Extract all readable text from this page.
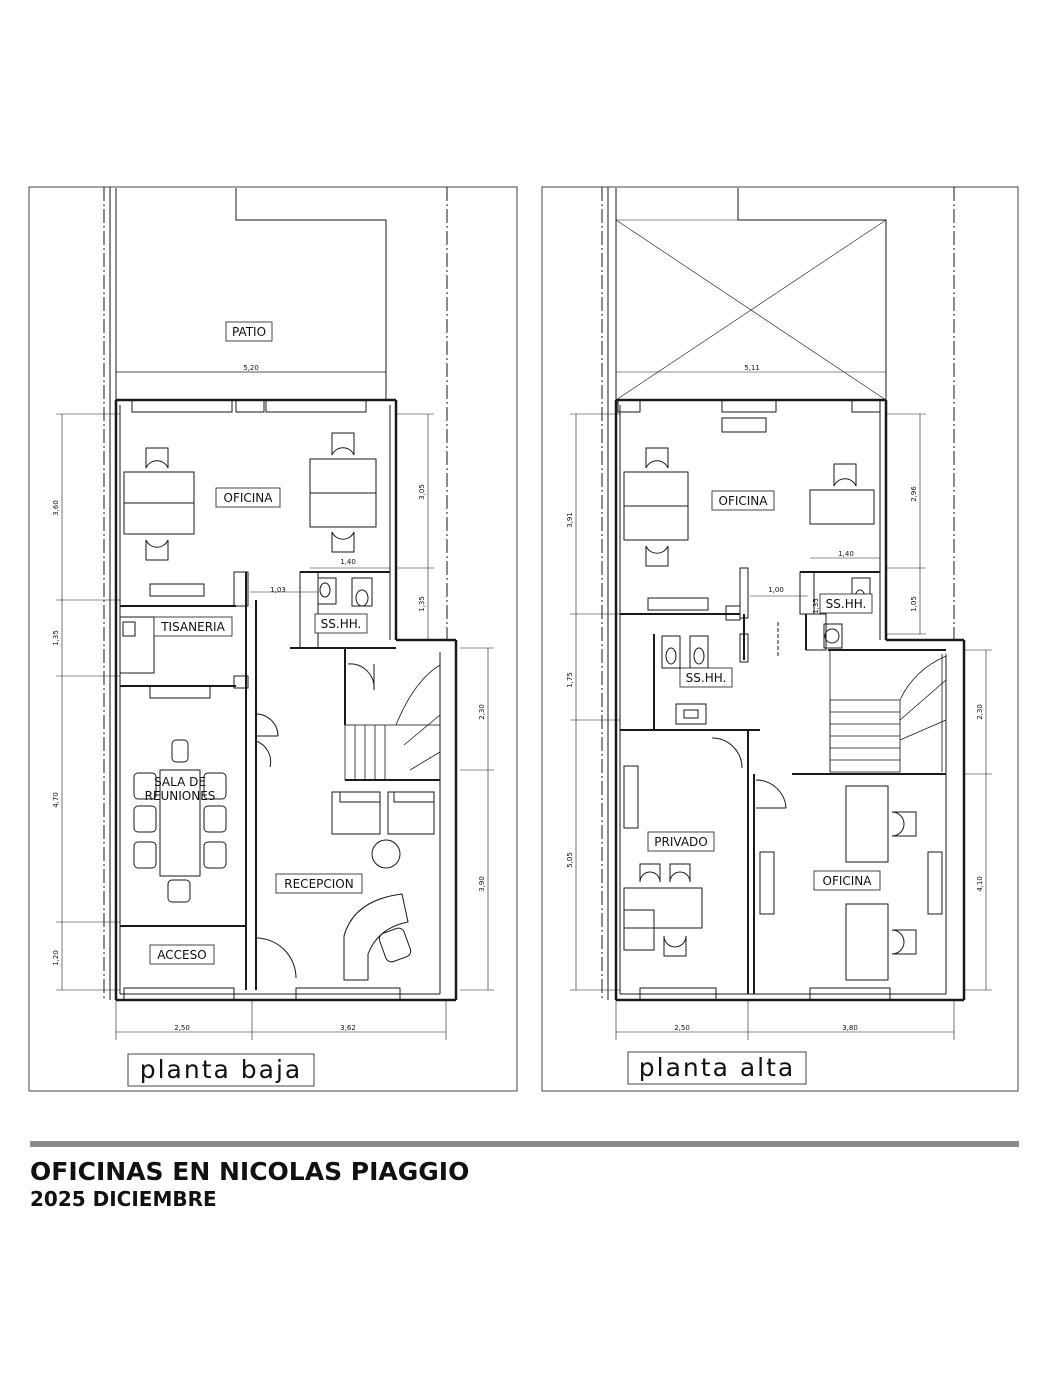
PATIO
OFICINA
TISANERIA	SS.HH.
SALA DE
REUNIONES
RECEPCION
ACCESO
OFICINA
SS.HH.
SS.HH.
PRIVADO
OFICINA
5,20
3,60
1,35
4,70
1,20
3,05
1,35
1,40
1,03
2,30
3,90
2,50	3,62
5,11
3,91
1,75
5,05
2,96
1,05
1,40
1,00
1,35
2,30
4,10
2,50	3,80
planta baja	planta alta
OFICINAS EN NICOLAS PIAGGIO
2025 DICIEMBRE
